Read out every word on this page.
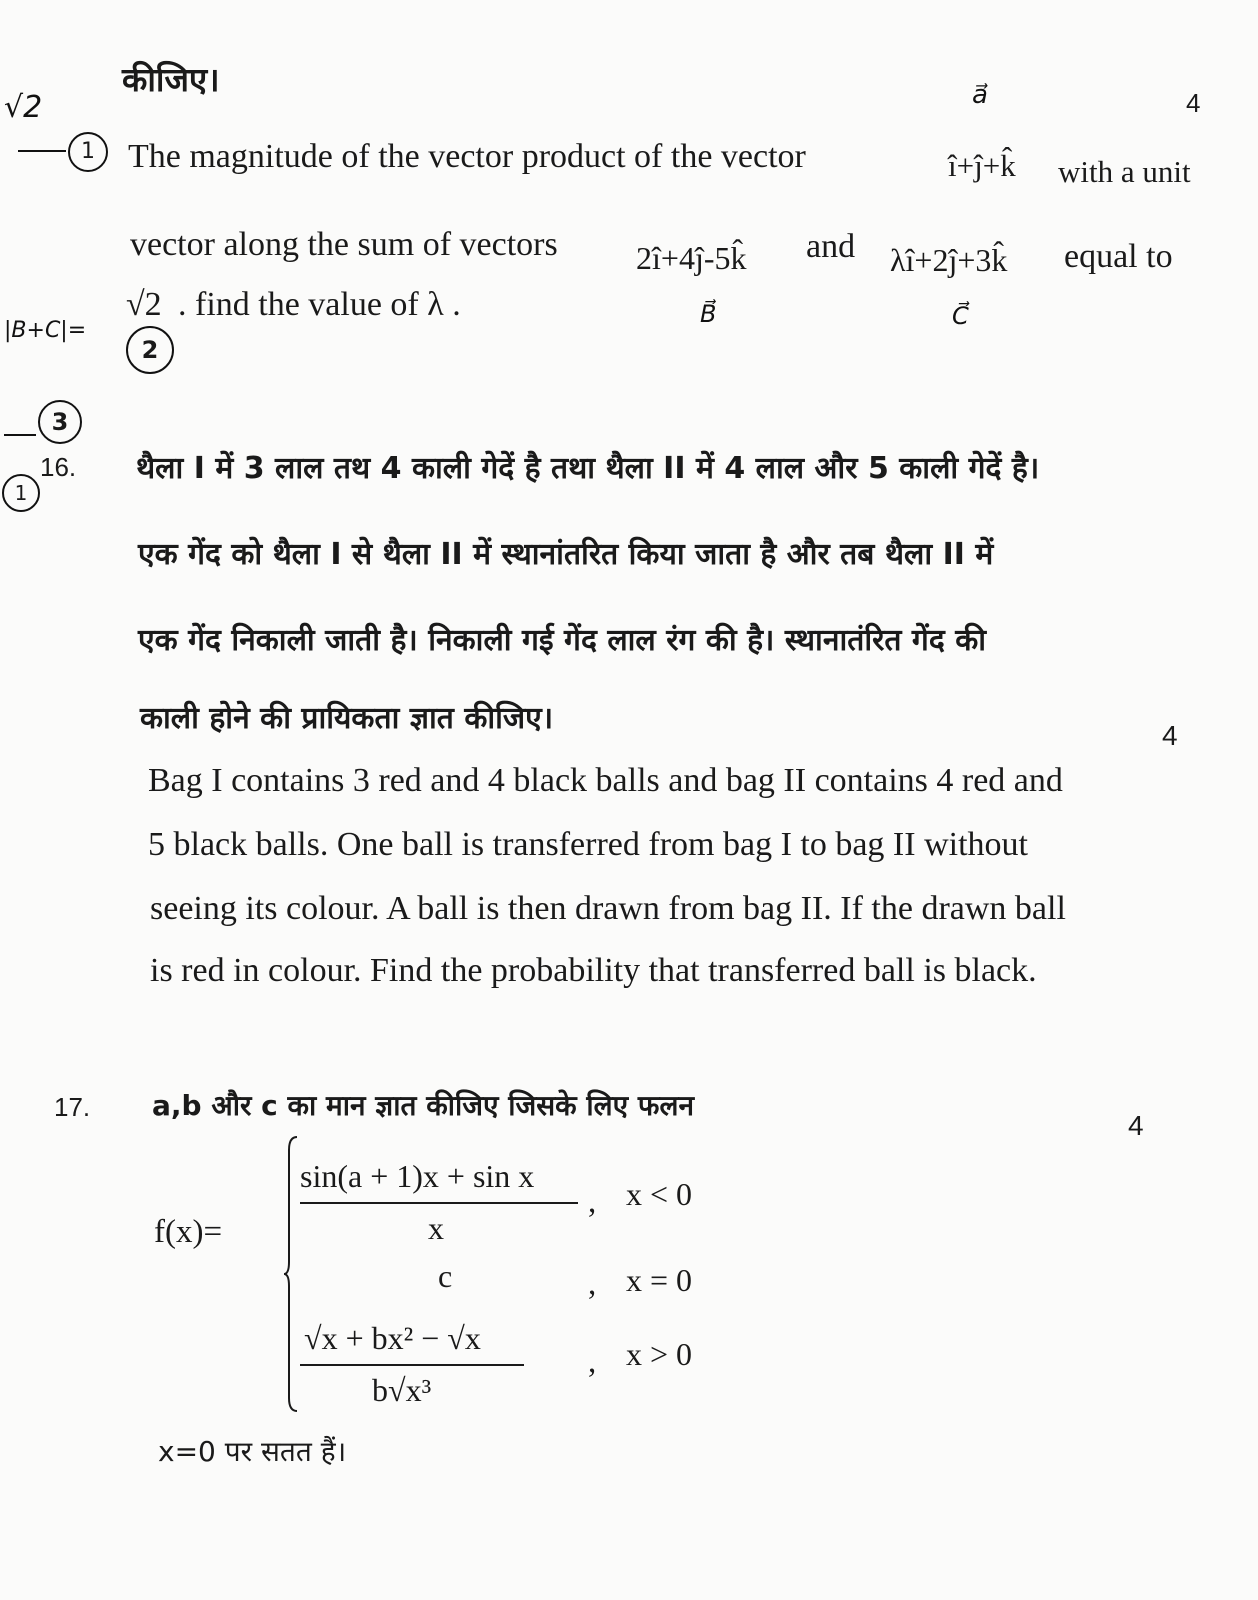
कीजिए।
√2
1
a⃗
The magnitude of the vector product of the vector	î+ĵ+k̂ with a unit
4
vector along the sum of vectors 2î+4ĵ-5k̂ and λî+2ĵ+3k̂ equal to
√2 . find the value of λ .	B⃗	C⃗
|B+C|=
2
3
1
16. थैला I में 3 लाल तथ 4 काली गेदें है तथा थैला II में 4 लाल और 5 काली गेदें है।
एक गेंद को थैला I से थैला II में स्थानांतरित किया जाता है और तब थैला II में
एक गेंद निकाली जाती है। निकाली गई गेंद लाल रंग की है। स्थानातंरित गेंद की
काली होने की प्रायिकता ज्ञात कीजिए।	4
Bag I contains 3 red and 4 black balls and bag II contains 4 red and
5 black balls. One ball is transferred from bag I to bag II without
seeing its colour. A ball is then drawn from bag II. If the drawn ball
is red in colour. Find the probability that transferred ball is black.
17. a,b और c का मान ज्ञात कीजिए जिसके लिए फलन
4
f(x)=
sin(a + 1)x + sin x
x
, x < 0
c	, x = 0
√x + bx² − √x
b√x³
, x > 0
x=0 पर सतत हैं।
